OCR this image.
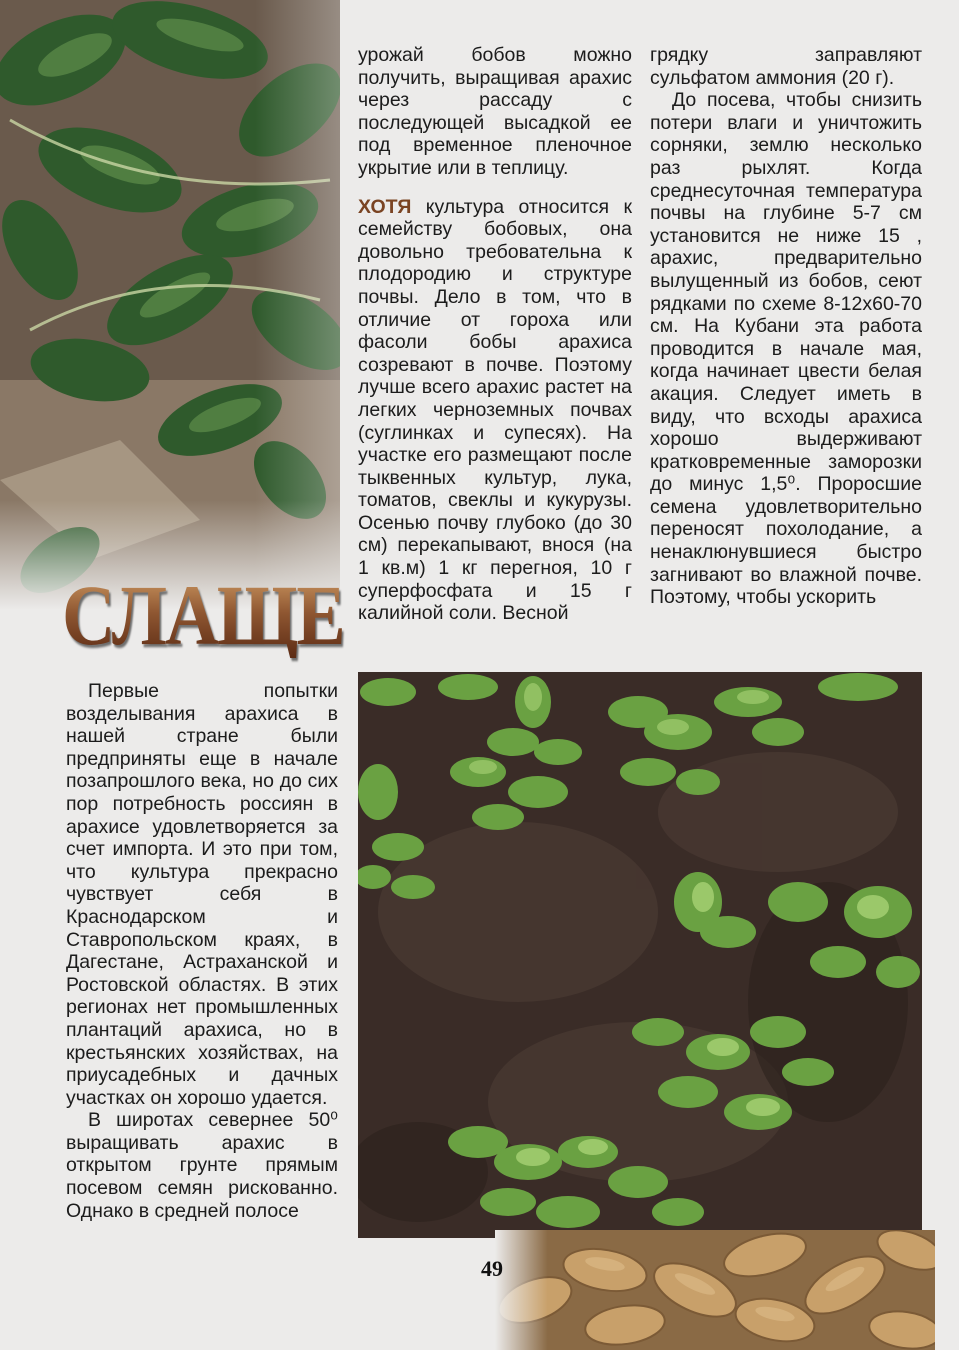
СЛАЩЕ

Первые попытки возделывания арахиса в нашей стране были предприняты еще в начале позапрошлого века, но до сих пор потребность россиян в арахисе удовлетворяется за счет импорта. И это при том, что культура прекрасно чувствует себя в Краснодарском и Ставропольском краях, в Дагестане, Астраханской и Ростовской областях. В этих регионах нет промышленных плантаций арахиса, но в крестьянских хозяйствах, на приусадебных и дачных участках он хорошо удается.

В широтах севернее 50⁰ выращивать арахис в открытом грунте прямым посевом семян рискованно. Однако в средней полосе

урожай бобов можно получить, выращивая арахис через рассаду с последующей высадкой ее под временное пленочное укрытие или в теплицу.

ХОТЯ культура относится к семейству бобовых, она довольно требовательна к плодородию и структуре почвы. Дело в том, что в отличие от гороха или фасоли бобы арахиса созревают в почве. Поэтому лучше всего арахис растет на легких черноземных почвах (суглинках и супесях). На участке его размещают после тыквенных культур, лука, томатов, свеклы и кукурузы. Осенью почву глубоко (до 30 см) перекапывают, внося (на 1 кв.м) 1 кг перегноя, 10 г суперфосфата и 15 г калийной соли. Весной

грядку заправляют сульфатом аммония (20 г).

До посева, чтобы снизить потери влаги и уничтожить сорняки, землю несколько раз рыхлят. Когда среднесуточная температура почвы на глубине 5-7 см установится не ниже 15 , арахис, предварительно вылущенный из бобов, сеют рядками по схеме 8-12х60-70 см. На Кубани эта работа проводится в начале мая, когда начинает цвести белая акация. Следует иметь в виду, что всходы арахиса хорошо выдерживают кратковременные заморозки до минус 1,5⁰. Проросшие семена удовлетворительно переносят похолодание, а ненаклюнувшиеся быстро загнивают во влажной почве. Поэтому, чтобы ускорить

49
